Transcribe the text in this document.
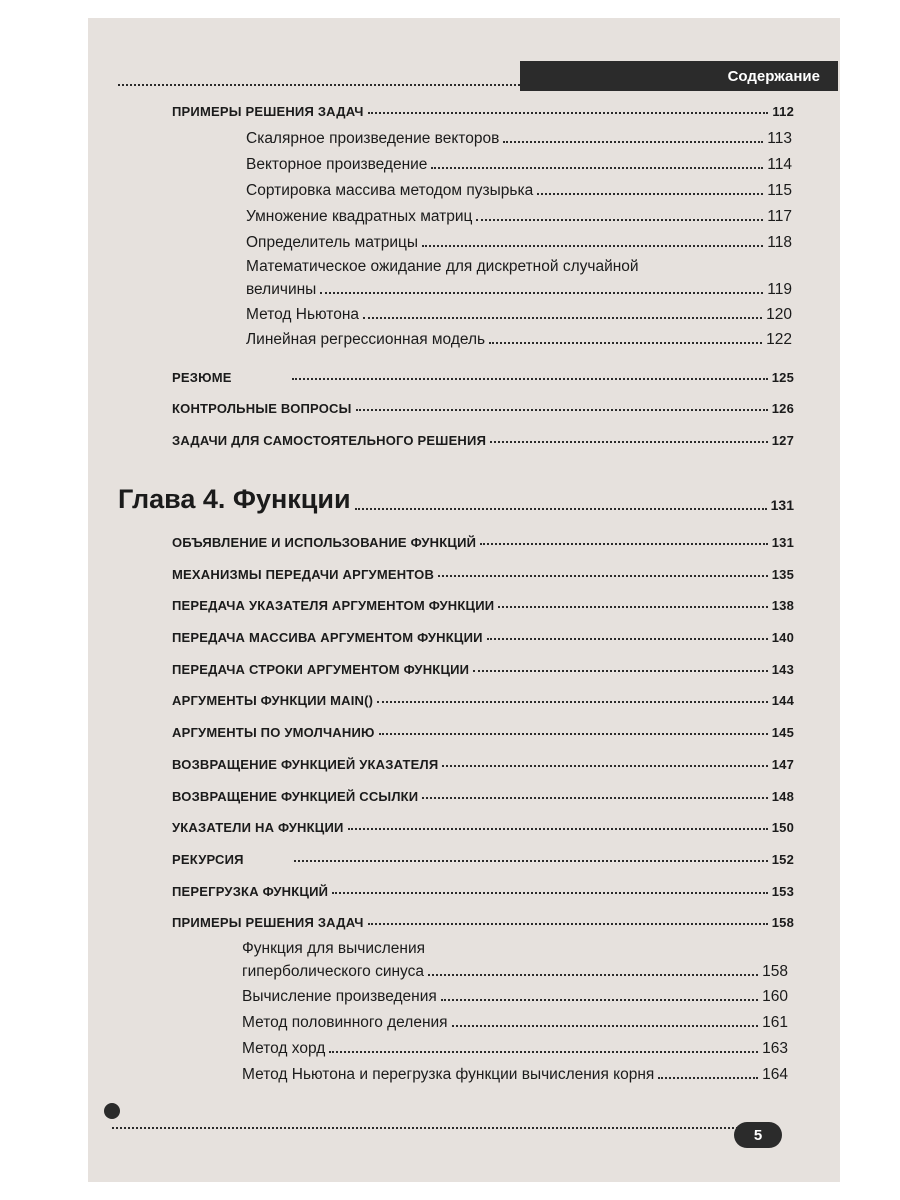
Содержание
ПРИМЕРЫ РЕШЕНИЯ ЗАДАЧ	112
Скалярное произведение векторов	113
Векторное произведение	114
Сортировка массива методом пузырька	115
Умножение квадратных матриц	117
Определитель матрицы	118
Математическое ожидание для дискретной случайной
величины	119
Метод Ньютона	120
Линейная регрессионная модель	122
РЕЗЮМЕ	125
КОНТРОЛЬНЫЕ ВОПРОСЫ	126
ЗАДАЧИ ДЛЯ САМОСТОЯТЕЛЬНОГО РЕШЕНИЯ	127
Глава 4. Функции	131
ОБЪЯВЛЕНИЕ И ИСПОЛЬЗОВАНИЕ ФУНКЦИЙ	131
МЕХАНИЗМЫ ПЕРЕДАЧИ АРГУМЕНТОВ	135
ПЕРЕДАЧА УКАЗАТЕЛЯ АРГУМЕНТОМ ФУНКЦИИ	138
ПЕРЕДАЧА МАССИВА АРГУМЕНТОМ ФУНКЦИИ	140
ПЕРЕДАЧА СТРОКИ АРГУМЕНТОМ ФУНКЦИИ	143
АРГУМЕНТЫ ФУНКЦИИ MAIN()	144
АРГУМЕНТЫ ПО УМОЛЧАНИЮ	145
ВОЗВРАЩЕНИЕ ФУНКЦИЕЙ УКАЗАТЕЛЯ	147
ВОЗВРАЩЕНИЕ ФУНКЦИЕЙ ССЫЛКИ	148
УКАЗАТЕЛИ НА ФУНКЦИИ	150
РЕКУРСИЯ	152
ПЕРЕГРУЗКА ФУНКЦИЙ	153
ПРИМЕРЫ РЕШЕНИЯ ЗАДАЧ	158
Функция для вычисления
гиперболического синуса	158
Вычисление произведения	160
Метод половинного деления	161
Метод хорд	163
Метод Ньютона и перегрузка функции вычисления корня	164
5
